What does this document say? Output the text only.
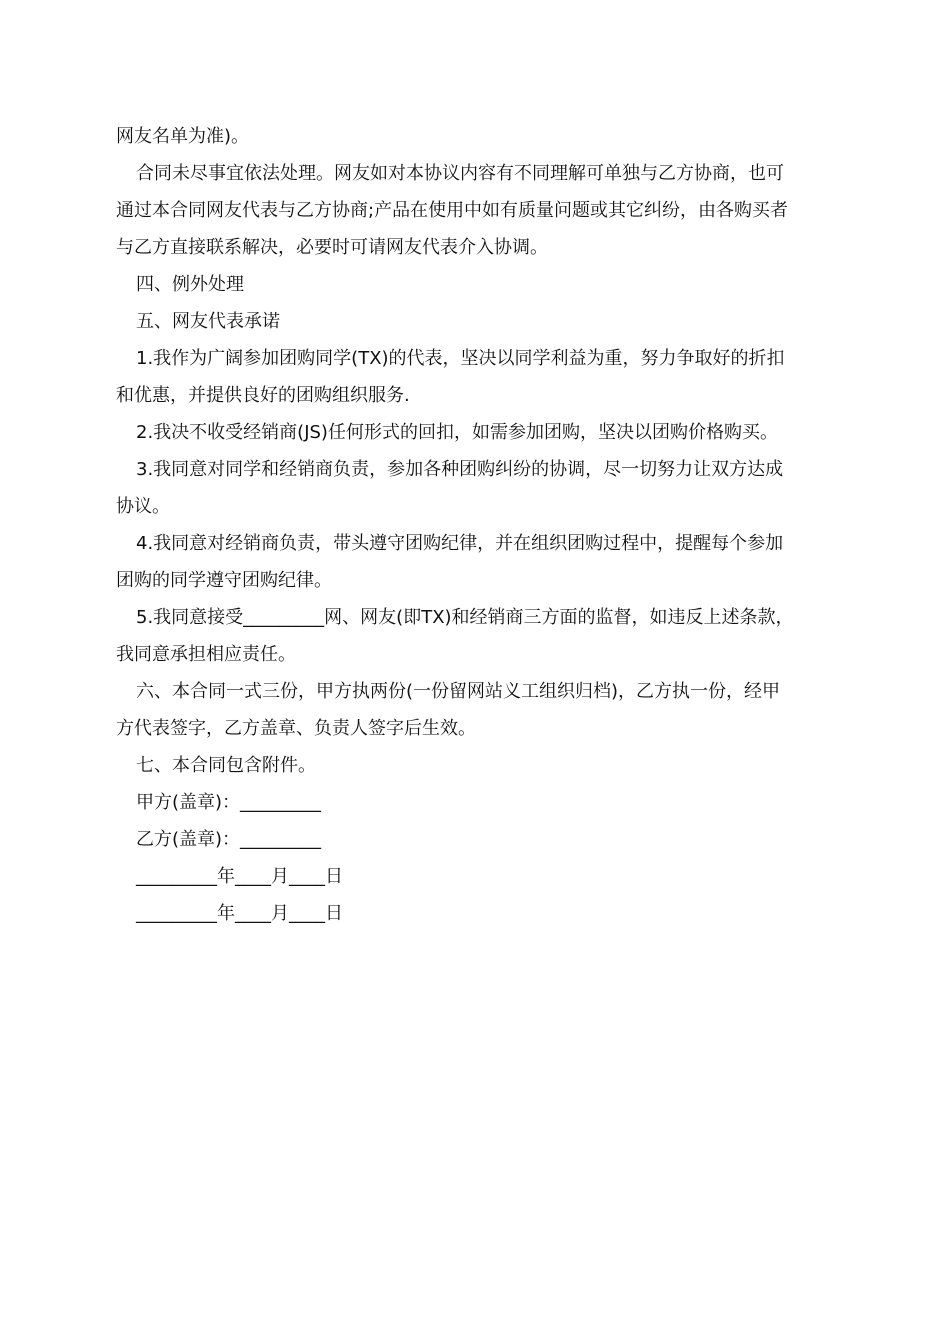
网友名单为准)。
合同未尽事宜依法处理。网友如对本协议内容有不同理解可单独与乙方协商，也可
通过本合同网友代表与乙方协商;产品在使用中如有质量问题或其它纠纷，由各购买者
与乙方直接联系解决，必要时可请网友代表介入协调。
四、例外处理
五、网友代表承诺
1.我作为广阔参加团购同学(TX)的代表，坚决以同学利益为重，努力争取好的折扣
和优惠，并提供良好的团购组织服务.
2.我决不收受经销商(JS)任何形式的回扣，如需参加团购，坚决以团购价格购买。
3.我同意对同学和经销商负责，参加各种团购纠纷的协调，尽一切努力让双方达成
协议。
4.我同意对经销商负责，带头遵守团购纪律，并在组织团购过程中，提醒每个参加
团购的同学遵守团购纪律。
5.我同意接受_________网、网友(即TX)和经销商三方面的监督，如违反上述条款，
我同意承担相应责任。
六、本合同一式三份，甲方执两份(一份留网站义工组织归档)，乙方执一份，经甲
方代表签字，乙方盖章、负责人签字后生效。
七、本合同包含附件。
甲方(盖章)：_________
乙方(盖章)：_________
_________年____月____日
_________年____月____日
